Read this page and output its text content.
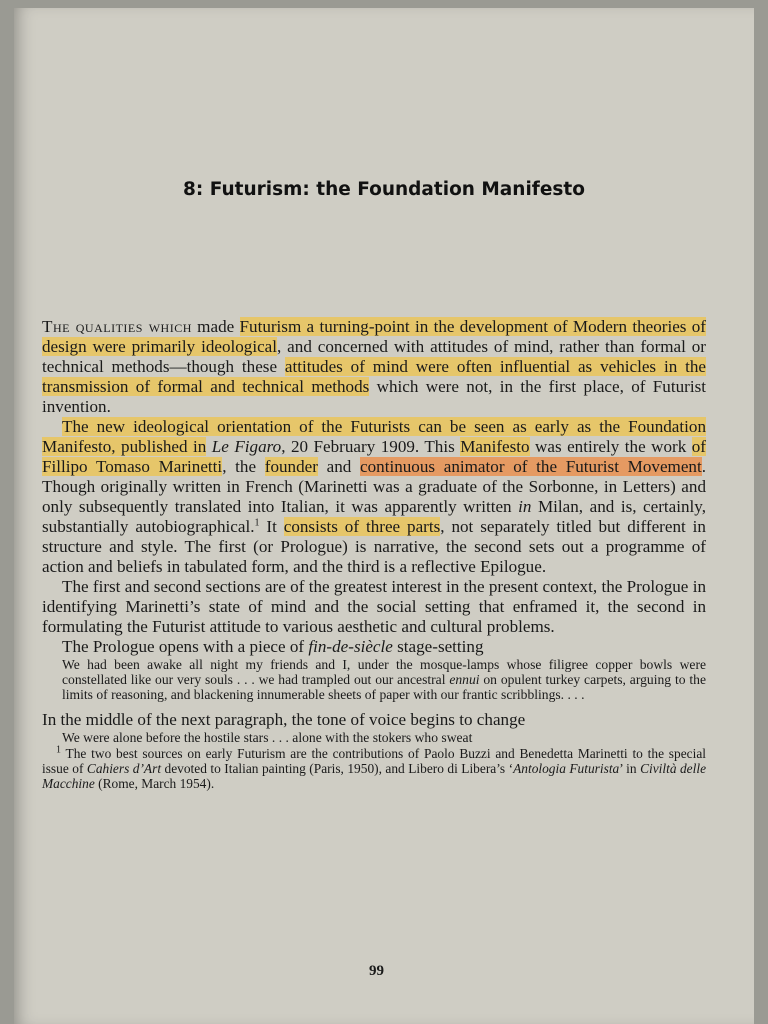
8: Futurism: the Foundation Manifesto

The qualities which made Futurism a turning-point in the development of Modern theories of design were primarily ideological, and concerned with attitudes of mind, rather than formal or technical methods—though these attitudes of mind were often influential as vehicles in the transmission of formal and technical methods which were not, in the first place, of Futurist invention.

The new ideological orientation of the Futurists can be seen as early as the Foundation Manifesto, published in Le Figaro, 20 February 1909. This Manifesto was entirely the work of Fillipo Tomaso Marinetti, the founder and continuous animator of the Futurist Movement. Though originally written in French (Marinetti was a graduate of the Sorbonne, in Letters) and only subsequently translated into Italian, it was apparently written in Milan, and is, certainly, substantially autobiographical.$^1$ It consists of three parts, not separately titled but different in structure and style. The first (or Prologue) is narrative, the second sets out a programme of action and beliefs in tabulated form, and the third is a reflective Epilogue.

The first and second sections are of the greatest interest in the present context, the Prologue in identifying Marinetti’s state of mind and the social setting that enframed it, the second in formulating the Futurist attitude to various aesthetic and cultural problems.

The Prologue opens with a piece of fin-de-siècle stage-setting

We had been awake all night my friends and I, under the mosque-lamps whose filigree copper bowls were constellated like our very souls . . . we had trampled out our ancestral ennui on opulent turkey carpets, arguing to the limits of reasoning, and blackening innumerable sheets of paper with our frantic scribblings. . . .

In the middle of the next paragraph, the tone of voice begins to change

We were alone before the hostile stars . . . alone with the stokers who sweat

$^1$ The two best sources on early Futurism are the contributions of Paolo Buzzi and Benedetta Marinetti to the special issue of Cahiers d’Art devoted to Italian painting (Paris, 1950), and Libero di Libera’s ‘Antologia Futurista’ in Civiltà delle Macchine (Rome, March 1954).

99
